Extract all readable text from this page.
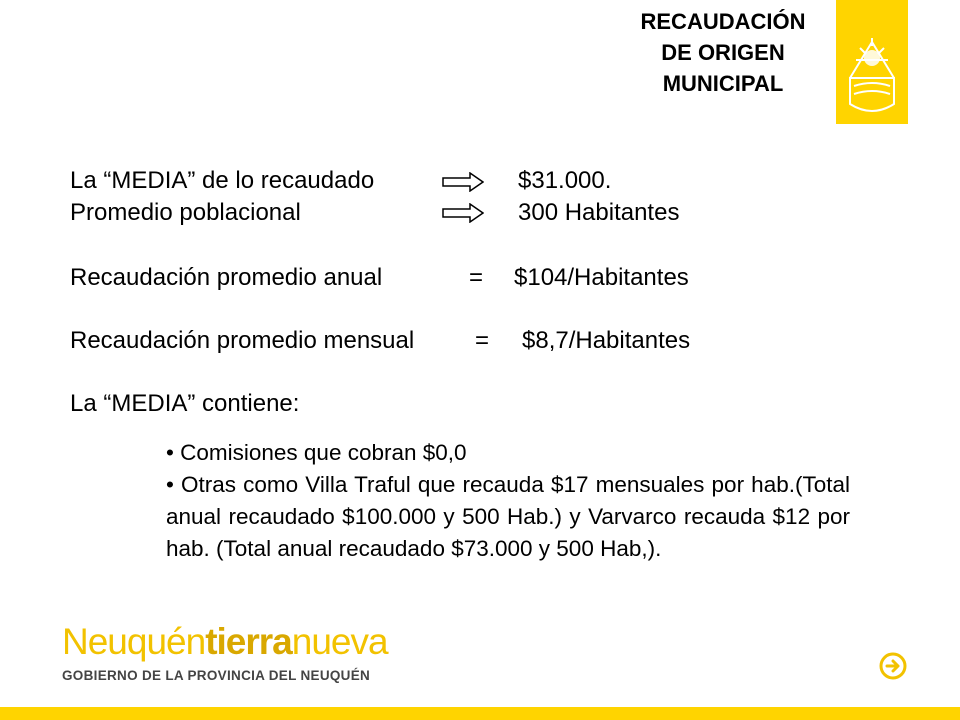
RECAUDACIÓN
DE ORIGEN
MUNICIPAL
La “MEDIA” de lo recaudado	$31.000.
Promedio poblacional	300 Habitantes
Recaudación promedio anual	= $104/Habitantes
Recaudación promedio mensual	= $8,7/Habitantes
La “MEDIA” contiene:

• Comisiones que cobran $0,0

• Otras como Villa Traful que recauda $17 mensuales por hab.(Total anual recaudado $100.000 y 500 Hab.) y Varvarco recauda $12 por hab. (Total anual recaudado $73.000 y 500 Hab,).

Neuquéntierranueva
GOBIERNO DE LA PROVINCIA DEL NEUQUÉN
